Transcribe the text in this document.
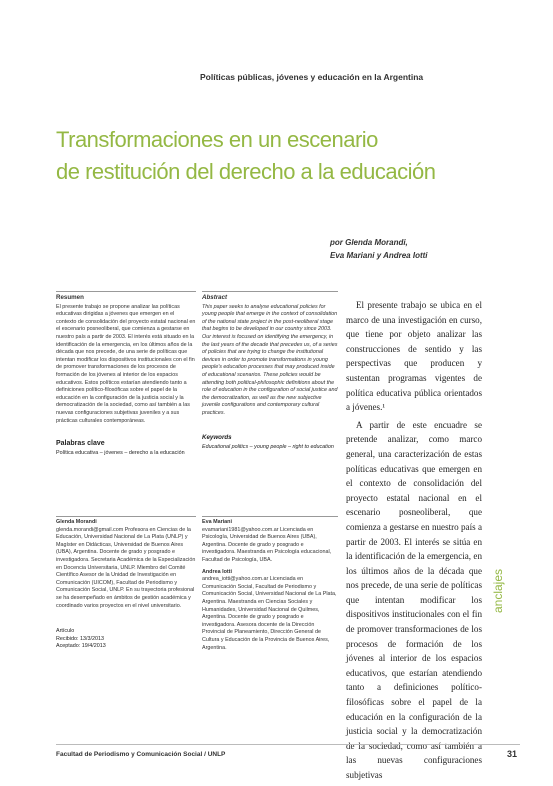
Políticas públicas, jóvenes y educación en la Argentina
Transformaciones en un escenario
de restitución del derecho a la educación
por Glenda Morandi,
Eva Mariani y Andrea Iotti
Resumen

El presente trabajo se propone analizar las políticas educativas dirigidas a jóvenes que emergen en el contexto de consolidación del proyecto estatal nacional en el escenario posneoliberal, que comienza a gestarse en nuestro país a partir de 2003. El interés está situado en la identificación de la emergencia, en los últimos años de la década que nos precede, de una serie de políticas que intentan modificar los dispositivos institucionales con el fin de promover transformaciones de los procesos de formación de los jóvenes al interior de los espacios educativos. Estos políticos estarían atendiendo tanto a definiciones político-filosóficas sobre el papel de la educación en la configuración de la justicia social y la democratización de la sociedad, como así también a las nuevas configuraciones subjetivas juveniles y a sus prácticas culturales contemporáneas.

Abstract

This paper seeks to analyse educational policies for young people that emerge in the context of consolidation of the national state project in the post-neoliberal stage that begins to be developed in our country since 2003. Our interest is focused on identifying the emergency, in the last years of the decade that precedes us, of a series of policies that are trying to change the institutional devices in order to promote transformations in young people's education processes that may produced inside of educational scenarios. These policies would be attending both political-philosophic definitions about the role of education in the configuration of social justice and the democratization, as well as the new subjective juvenile configurations and contemporary cultural practices.

Palabras clave

Política educativa – jóvenes – derecho a la educación

Keywords

Educational politics – young people – right to education

Glenda Morandi

glenda.morandi@gmail.com Profesora en Ciencias de la Educación, Universidad Nacional de La Plata (UNLP) y Magíster en Didácticas, Universidad de Buenos Aires (UBA), Argentina. Docente de grado y posgrado e investigadora. Secretaria Académica de la Especialización en Docencia Universitaria, UNLP. Miembro del Comité Científico Asesor de la Unidad de Investigación en Comunicación (UICOM), Facultad de Periodismo y Comunicación Social, UNLP. En su trayectoria profesional se ha desempeñado en ámbitos de gestión académica y coordinado varios proyectos en el nivel universitario.

Eva Mariani

evamariani1981@yahoo.com.ar Licenciada en Psicología, Universidad de Buenos Aires (UBA), Argentina. Docente de grado y posgrado e investigadora. Maestranda en Psicología educacional, Facultad de Psicología, UBA.

Andrea Iotti

andrea_iotti@yahoo.com.ar Licenciada en Comunicación Social, Facultad de Periodismo y Comunicación Social, Universidad Nacional de La Plata, Argentina. Maestranda en Ciencias Sociales y Humanidades, Universidad Nacional de Quilmes, Argentina. Docente de grado y posgrado e investigadora. Asesora docente de la Dirección Provincial de Planeamiento, Dirección General de Cultura y Educación de la Provincia de Buenos Aires, Argentina.

Artículo
Recibido: 13/3/2013
Aceptado: 19/4/2013

El presente trabajo se ubica en el marco de una investigación en curso, que tiene por objeto analizar las construcciones de sentido y las perspectivas que producen y sustentan programas vigentes de política educativa pública orientados a jóvenes.¹

A partir de este encuadre se pretende analizar, como marco general, una caracterización de estas políticas educativas que emergen en el contexto de consolidación del proyecto estatal nacional en el escenario posneoliberal, que comienza a gestarse en nuestro país a partir de 2003. El interés se sitúa en la identificación de la emergencia, en los últimos años de la década que nos precede, de una serie de políticas que intentan modificar los dispositivos institucionales con el fin de promover transformaciones de los procesos de formación de los jóvenes al interior de los espacios educativos, que estarían atendiendo tanto a definiciones político-filosóficas sobre el papel de la educación en la configuración de la justicia social y la democratización de la sociedad, como así también a las nuevas configuraciones subjetivas

anclajes
Facultad de Periodismo y Comunicación Social / UNLP	31
